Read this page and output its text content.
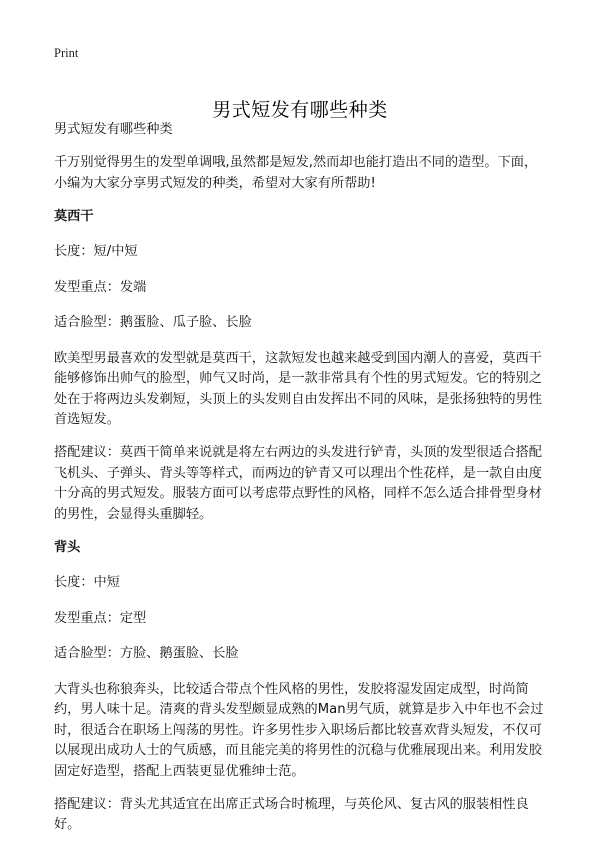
Print
男式短发有哪些种类

男式短发有哪些种类

千万别觉得男生的发型单调哦,虽然都是短发,然而却也能打造出不同的造型。下面，小编为大家分享男式短发的种类，希望对大家有所帮助!

莫西干

长度：短/中短

发型重点：发端

适合脸型：鹅蛋脸、瓜子脸、长脸

欧美型男最喜欢的发型就是莫西干，这款短发也越来越受到国内潮人的喜爱，莫西干能够修饰出帅气的脸型，帅气又时尚，是一款非常具有个性的男式短发。它的特别之处在于将两边头发剃短，头顶上的头发则自由发挥出不同的风味，是张扬独特的男性首选短发。

搭配建议：莫西干简单来说就是将左右两边的头发进行铲青，头顶的发型很适合搭配飞机头、子弹头、背头等等样式，而两边的铲青又可以理出个性花样，是一款自由度十分高的男式短发。服装方面可以考虑带点野性的风格，同样不怎么适合排骨型身材的男性，会显得头重脚轻。

背头

长度：中短

发型重点：定型

适合脸型：方脸、鹅蛋脸、长脸

大背头也称狼奔头，比较适合带点个性风格的男性，发胶将湿发固定成型，时尚简约，男人味十足。清爽的背头发型颇显成熟的Man男气质，就算是步入中年也不会过时，很适合在职场上闯荡的男性。许多男性步入职场后都比较喜欢背头短发，不仅可以展现出成功人士的气质感，而且能完美的将男性的沉稳与优雅展现出来。利用发胶固定好造型，搭配上西装更显优雅绅士范。

搭配建议：背头尤其适宜在出席正式场合时梳理，与英伦风、复古风的服装相性良好。
